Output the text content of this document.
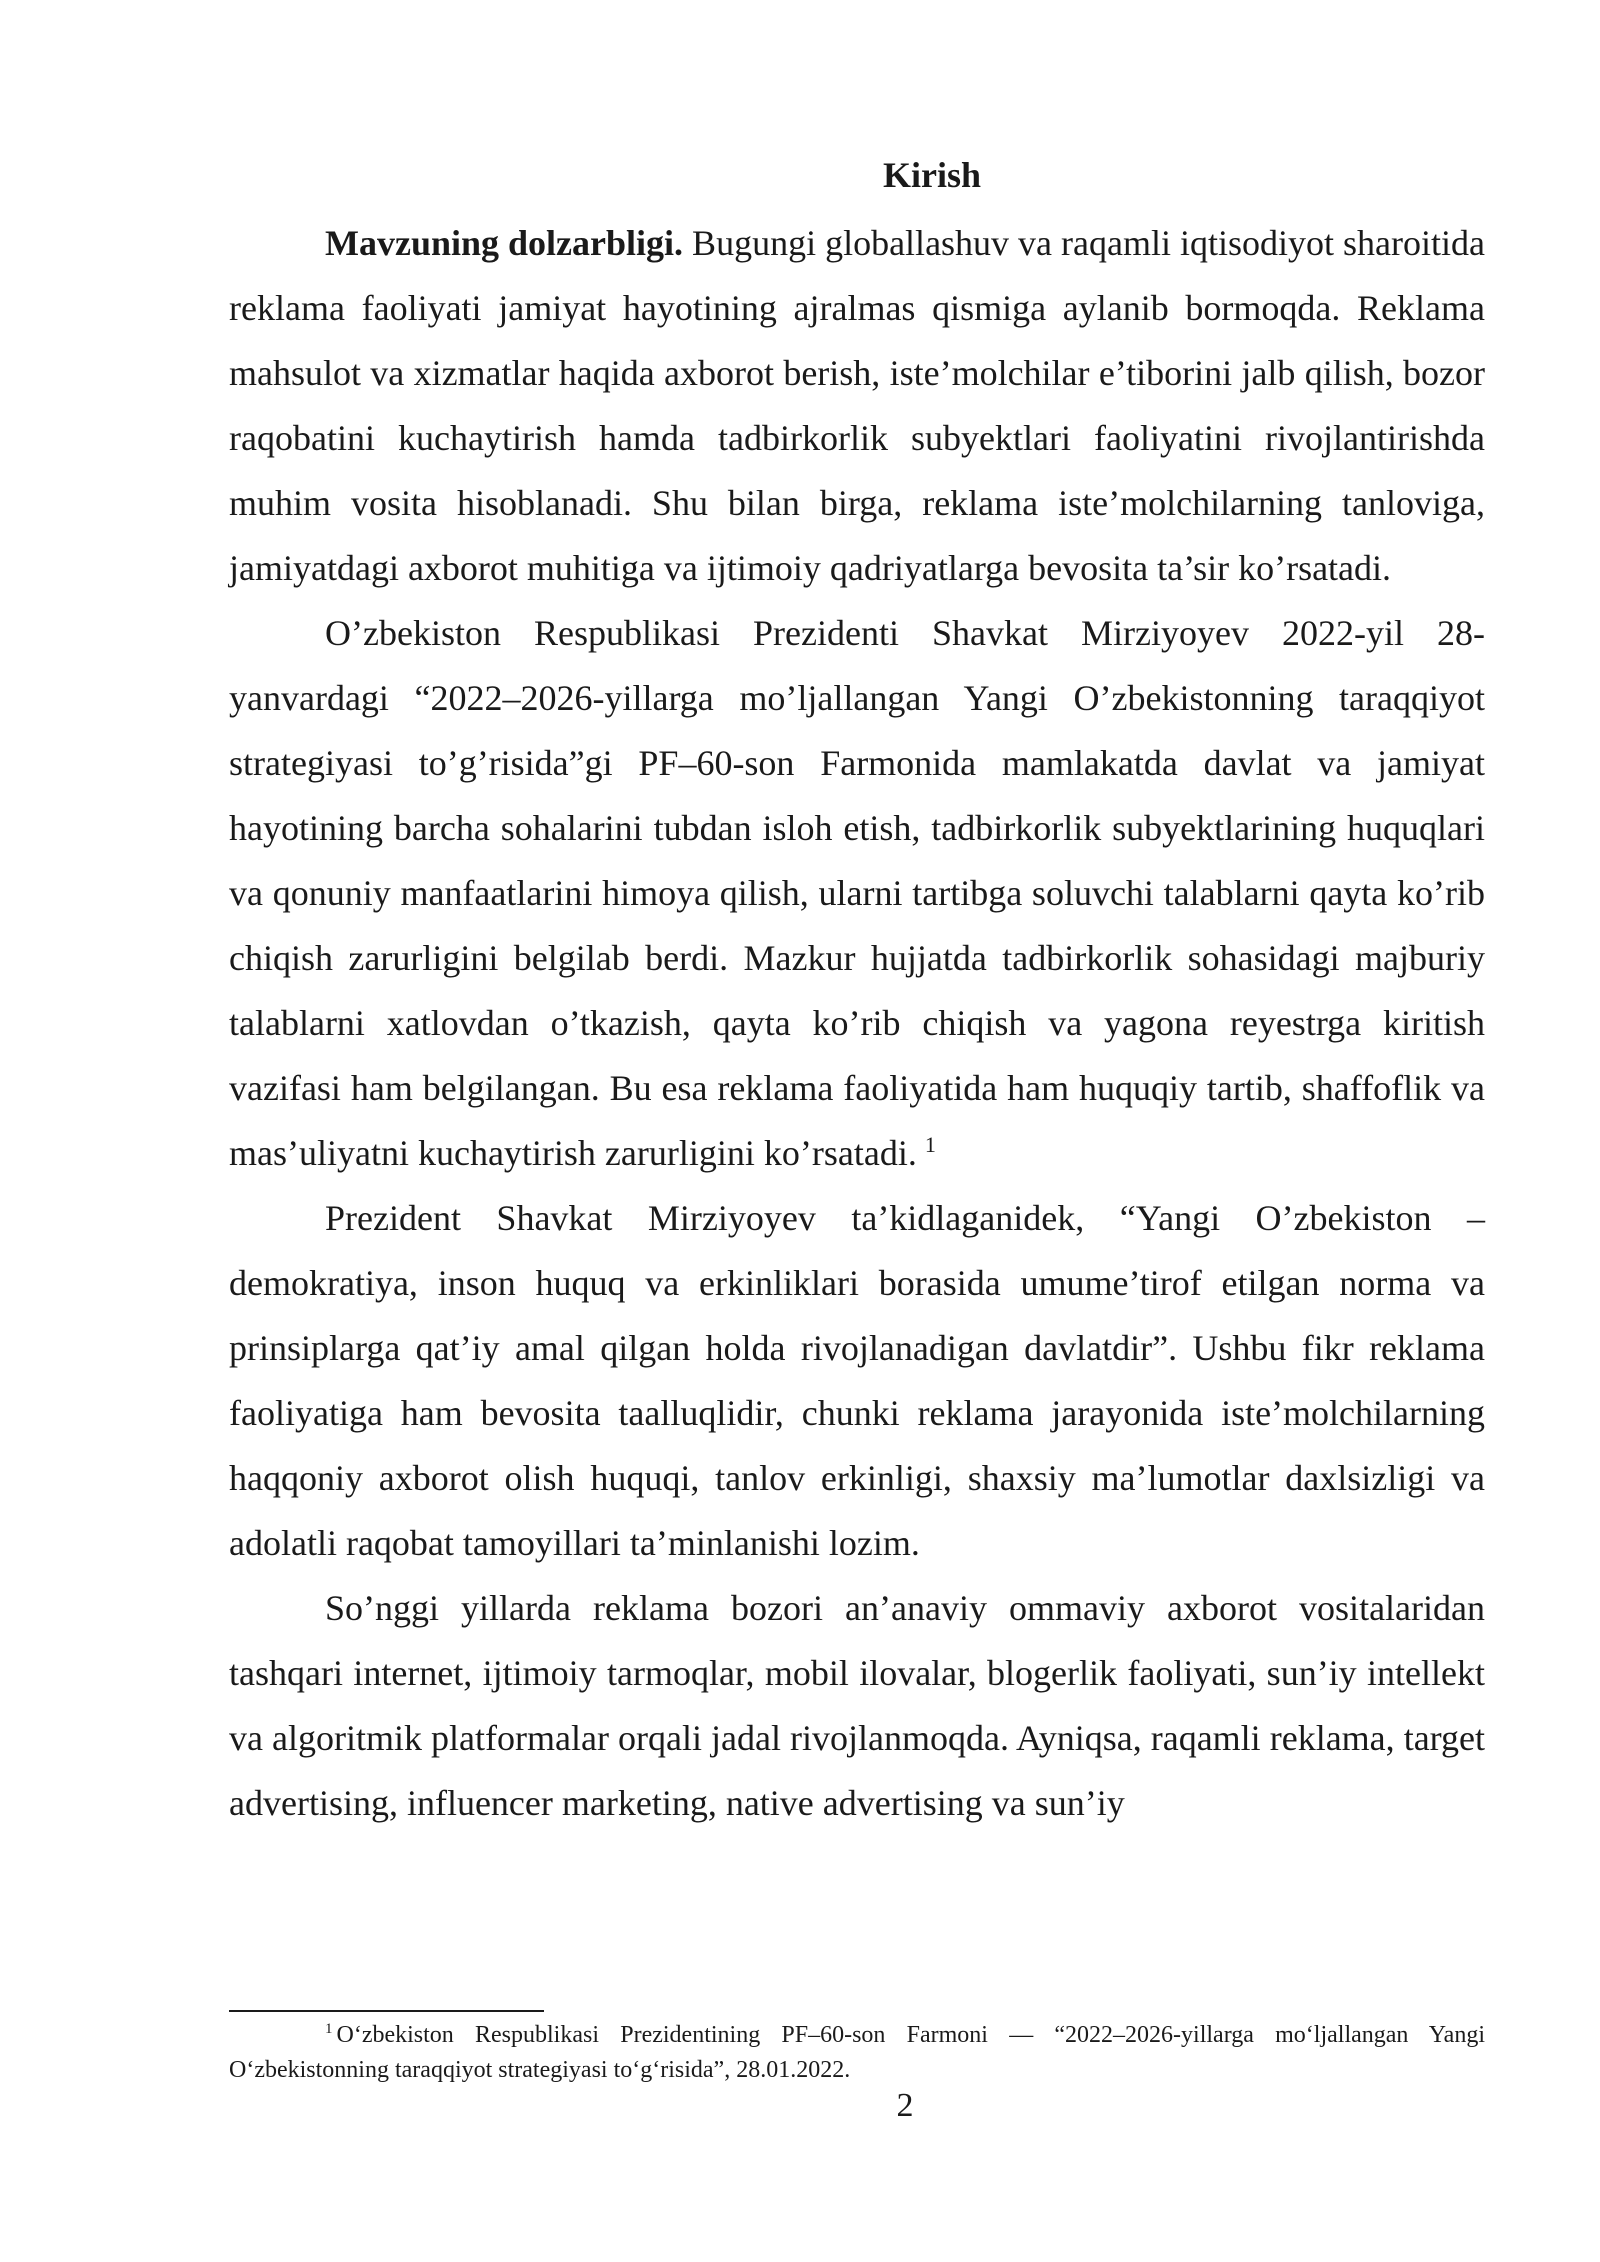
Kirish

Mavzuning dolzarbligi. Bugungi globallashuv va raqamli iqtisodiyot sharoitida reklama faoliyati jamiyat hayotining ajralmas qismiga aylanib bormoqda. Reklama mahsulot va xizmatlar haqida axborot berish, iste’molchilar e’tiborini jalb qilish, bozor raqobatini kuchaytirish hamda tadbirkorlik subyektlari faoliyatini rivojlantirishda muhim vosita hisoblanadi. Shu bilan birga, reklama iste’molchilarning tanloviga, jamiyatdagi axborot muhitiga va ijtimoiy qadriyatlarga bevosita ta’sir ko’rsatadi.

O’zbekiston Respublikasi Prezidenti Shavkat Mirziyoyev 2022-yil 28-yanvardagi “2022–2026-yillarga mo’ljallangan Yangi O’zbekistonning taraqqiyot strategiyasi to’g’risida”gi PF–60-son Farmonida mamlakatda davlat va jamiyat hayotining barcha sohalarini tubdan isloh etish, tadbirkorlik subyektlarining huquqlari va qonuniy manfaatlarini himoya qilish, ularni tartibga soluvchi talablarni qayta ko’rib chiqish zarurligini belgilab berdi. Mazkur hujjatda tadbirkorlik sohasidagi majburiy talablarni xatlovdan o’tkazish, qayta ko’rib chiqish va yagona reyestrga kiritish vazifasi ham belgilangan. Bu esa reklama faoliyatida ham huquqiy tartib, shaffoflik va mas’uliyatni kuchaytirish zarurligini ko’rsatadi. $^1$

Prezident Shavkat Mirziyoyev ta’kidlaganidek, “Yangi O’zbekiston – demokratiya, inson huquq va erkinliklari borasida umume’tirof etilgan norma va prinsiplarga qat’iy amal qilgan holda rivojlanadigan davlatdir”. Ushbu fikr reklama faoliyatiga ham bevosita taalluqlidir, chunki reklama jarayonida iste’molchilarning haqqoniy axborot olish huquqi, tanlov erkinligi, shaxsiy ma’lumotlar daxlsizligi va adolatli raqobat tamoyillari ta’minlanishi lozim.

So’nggi yillarda reklama bozori an’anaviy ommaviy axborot vositalaridan tashqari internet, ijtimoiy tarmoqlar, mobil ilovalar, blogerlik faoliyati, sun’iy intellekt va algoritmik platformalar orqali jadal rivojlanmoqda. Ayniqsa, raqamli reklama, target advertising, influencer marketing, native advertising va sun’iy

$^1$ O‘zbekiston Respublikasi Prezidentining PF–60-son Farmoni — “2022–2026-yillarga mo‘ljallangan Yangi O‘zbekistonning taraqqiyot strategiyasi to‘g‘risida”, 28.01.2022.

2
